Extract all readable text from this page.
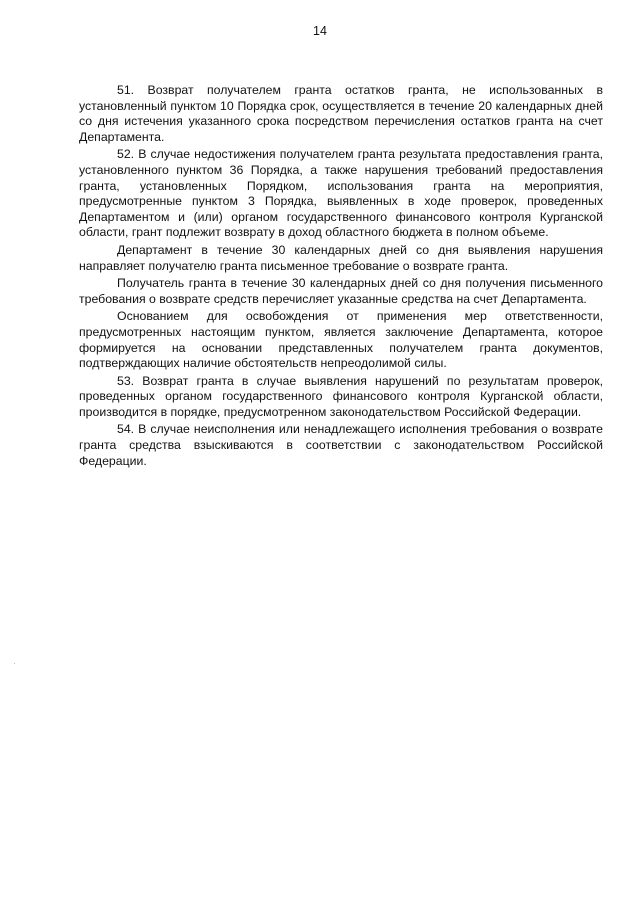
14

51. Возврат получателем гранта остатков гранта, не использованных в установленный пунктом 10 Порядка срок, осуществляется в течение 20 календарных дней со дня истечения указанного срока посредством перечисления остатков гранта на счет Департамента.

52. В случае недостижения получателем гранта результата предоставления гранта, установленного пунктом 36 Порядка, а также нарушения требований предоставления гранта, установленных Порядком, использования гранта на мероприятия, предусмотренные пунктом 3 Порядка, выявленных в ходе проверок, проведенных Департаментом и (или) органом государственного финансового контроля Курганской области, грант подлежит возврату в доход областного бюджета в полном объеме.

Департамент в течение 30 календарных дней со дня выявления нарушения направляет получателю гранта письменное требование о возврате гранта.

Получатель гранта в течение 30 календарных дней со дня получения письменного требования о возврате средств перечисляет указанные средства на счет Департамента.

Основанием для освобождения от применения мер ответственности, предусмотренных настоящим пунктом, является заключение Департамента, которое формируется на основании представленных получателем гранта документов, подтверждающих наличие обстоятельств непреодолимой силы.

53. Возврат гранта в случае выявления нарушений по результатам проверок, проведенных органом государственного финансового контроля Курганской области, производится в порядке, предусмотренном законодательством Российской Федерации.

54. В случае неисполнения или ненадлежащего исполнения требования о возврате гранта средства взыскиваются в соответствии с законодательством Российской Федерации.
